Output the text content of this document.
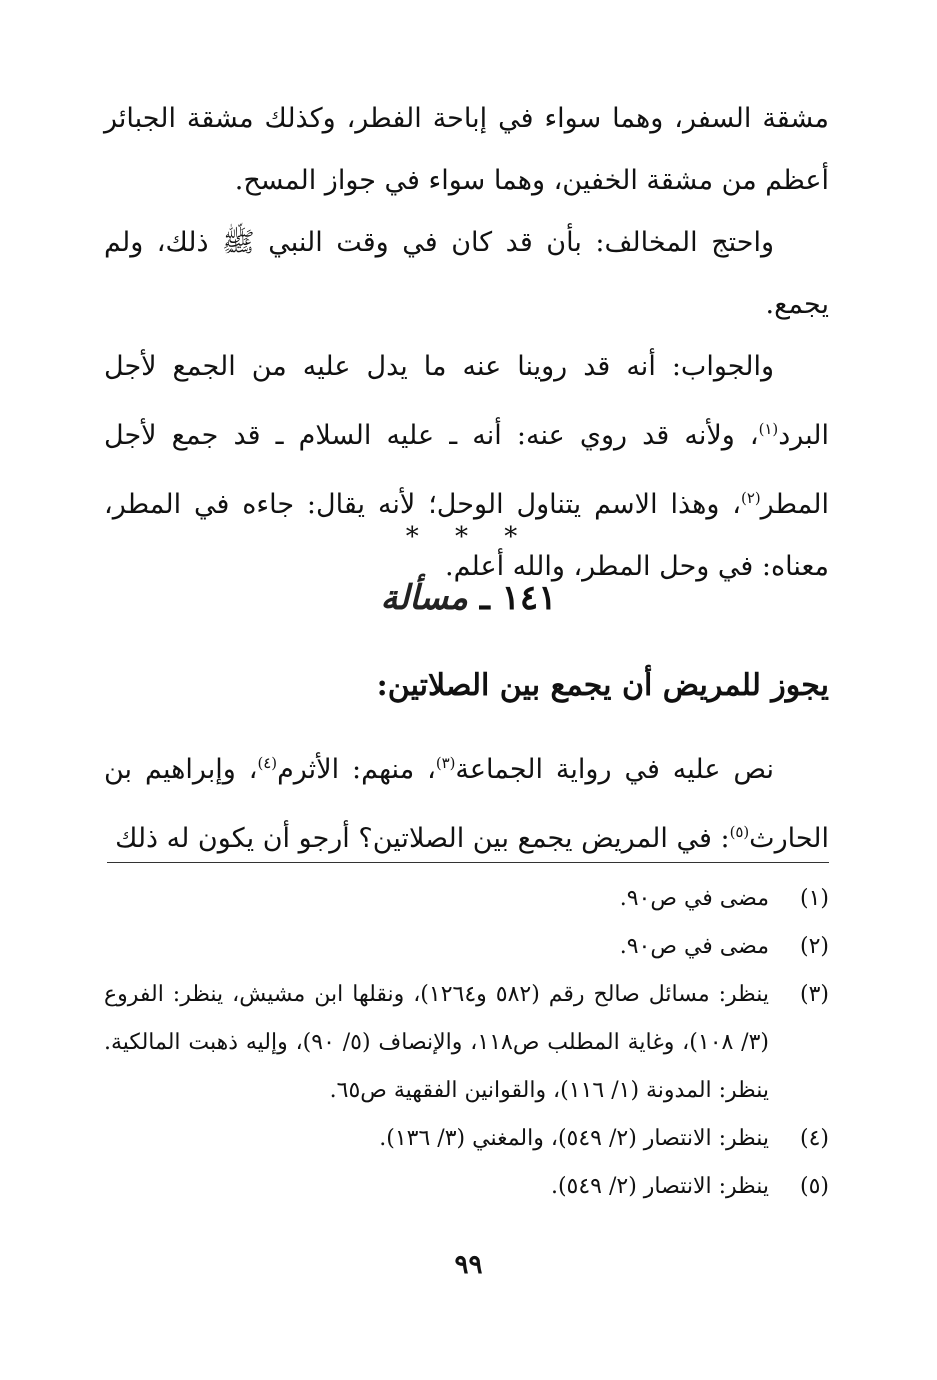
مشقة السفر، وهما سواء في إباحة الفطر، وكذلك مشقة الجبائر أعظم من مشقة الخفين، وهما سواء في جواز المسح.

واحتج المخالف: بأن قد كان في وقت النبي ﷺ ذلك، ولم يجمع.

والجواب: أنه قد روينا عنه ما يدل عليه من الجمع لأجل البرد$^{(١)}$، ولأنه قد روي عنه: أنه ـ عليه السلام ـ قد جمع لأجل المطر$^{(٢)}$، وهذا الاسم يتناول الوحل؛ لأنه يقال: جاءه في المطر، معناه: في وحل المطر، والله أعلم.

* * *
١٤١ ـ مسألة
يجوز للمريض أن يجمع بين الصلاتين:

نص عليه في رواية الجماعة$^{(٣)}$، منهم: الأثرم$^{(٤)}$، وإبراهيم بن الحارث$^{(٥)}$: في المريض يجمع بين الصلاتين؟ أرجو أن يكون له ذلك

(١)
مضى في ص٩٠.
(٢)
مضى في ص٩٠.
(٣)
ينظر: مسائل صالح رقم (٥٨٢ و١٢٦٤)، ونقلها ابن مشيش، ينظر: الفروع (٣/ ١٠٨)، وغاية المطلب ص١١٨، والإنصاف (٥/ ٩٠)، وإليه ذهبت المالكية. ينظر: المدونة (١/ ١١٦)، والقوانين الفقهية ص٦٥.
(٤)
ينظر: الانتصار (٢/ ٥٤٩)، والمغني (٣/ ١٣٦).
(٥)
ينظر: الانتصار (٢/ ٥٤٩).
٩٩
